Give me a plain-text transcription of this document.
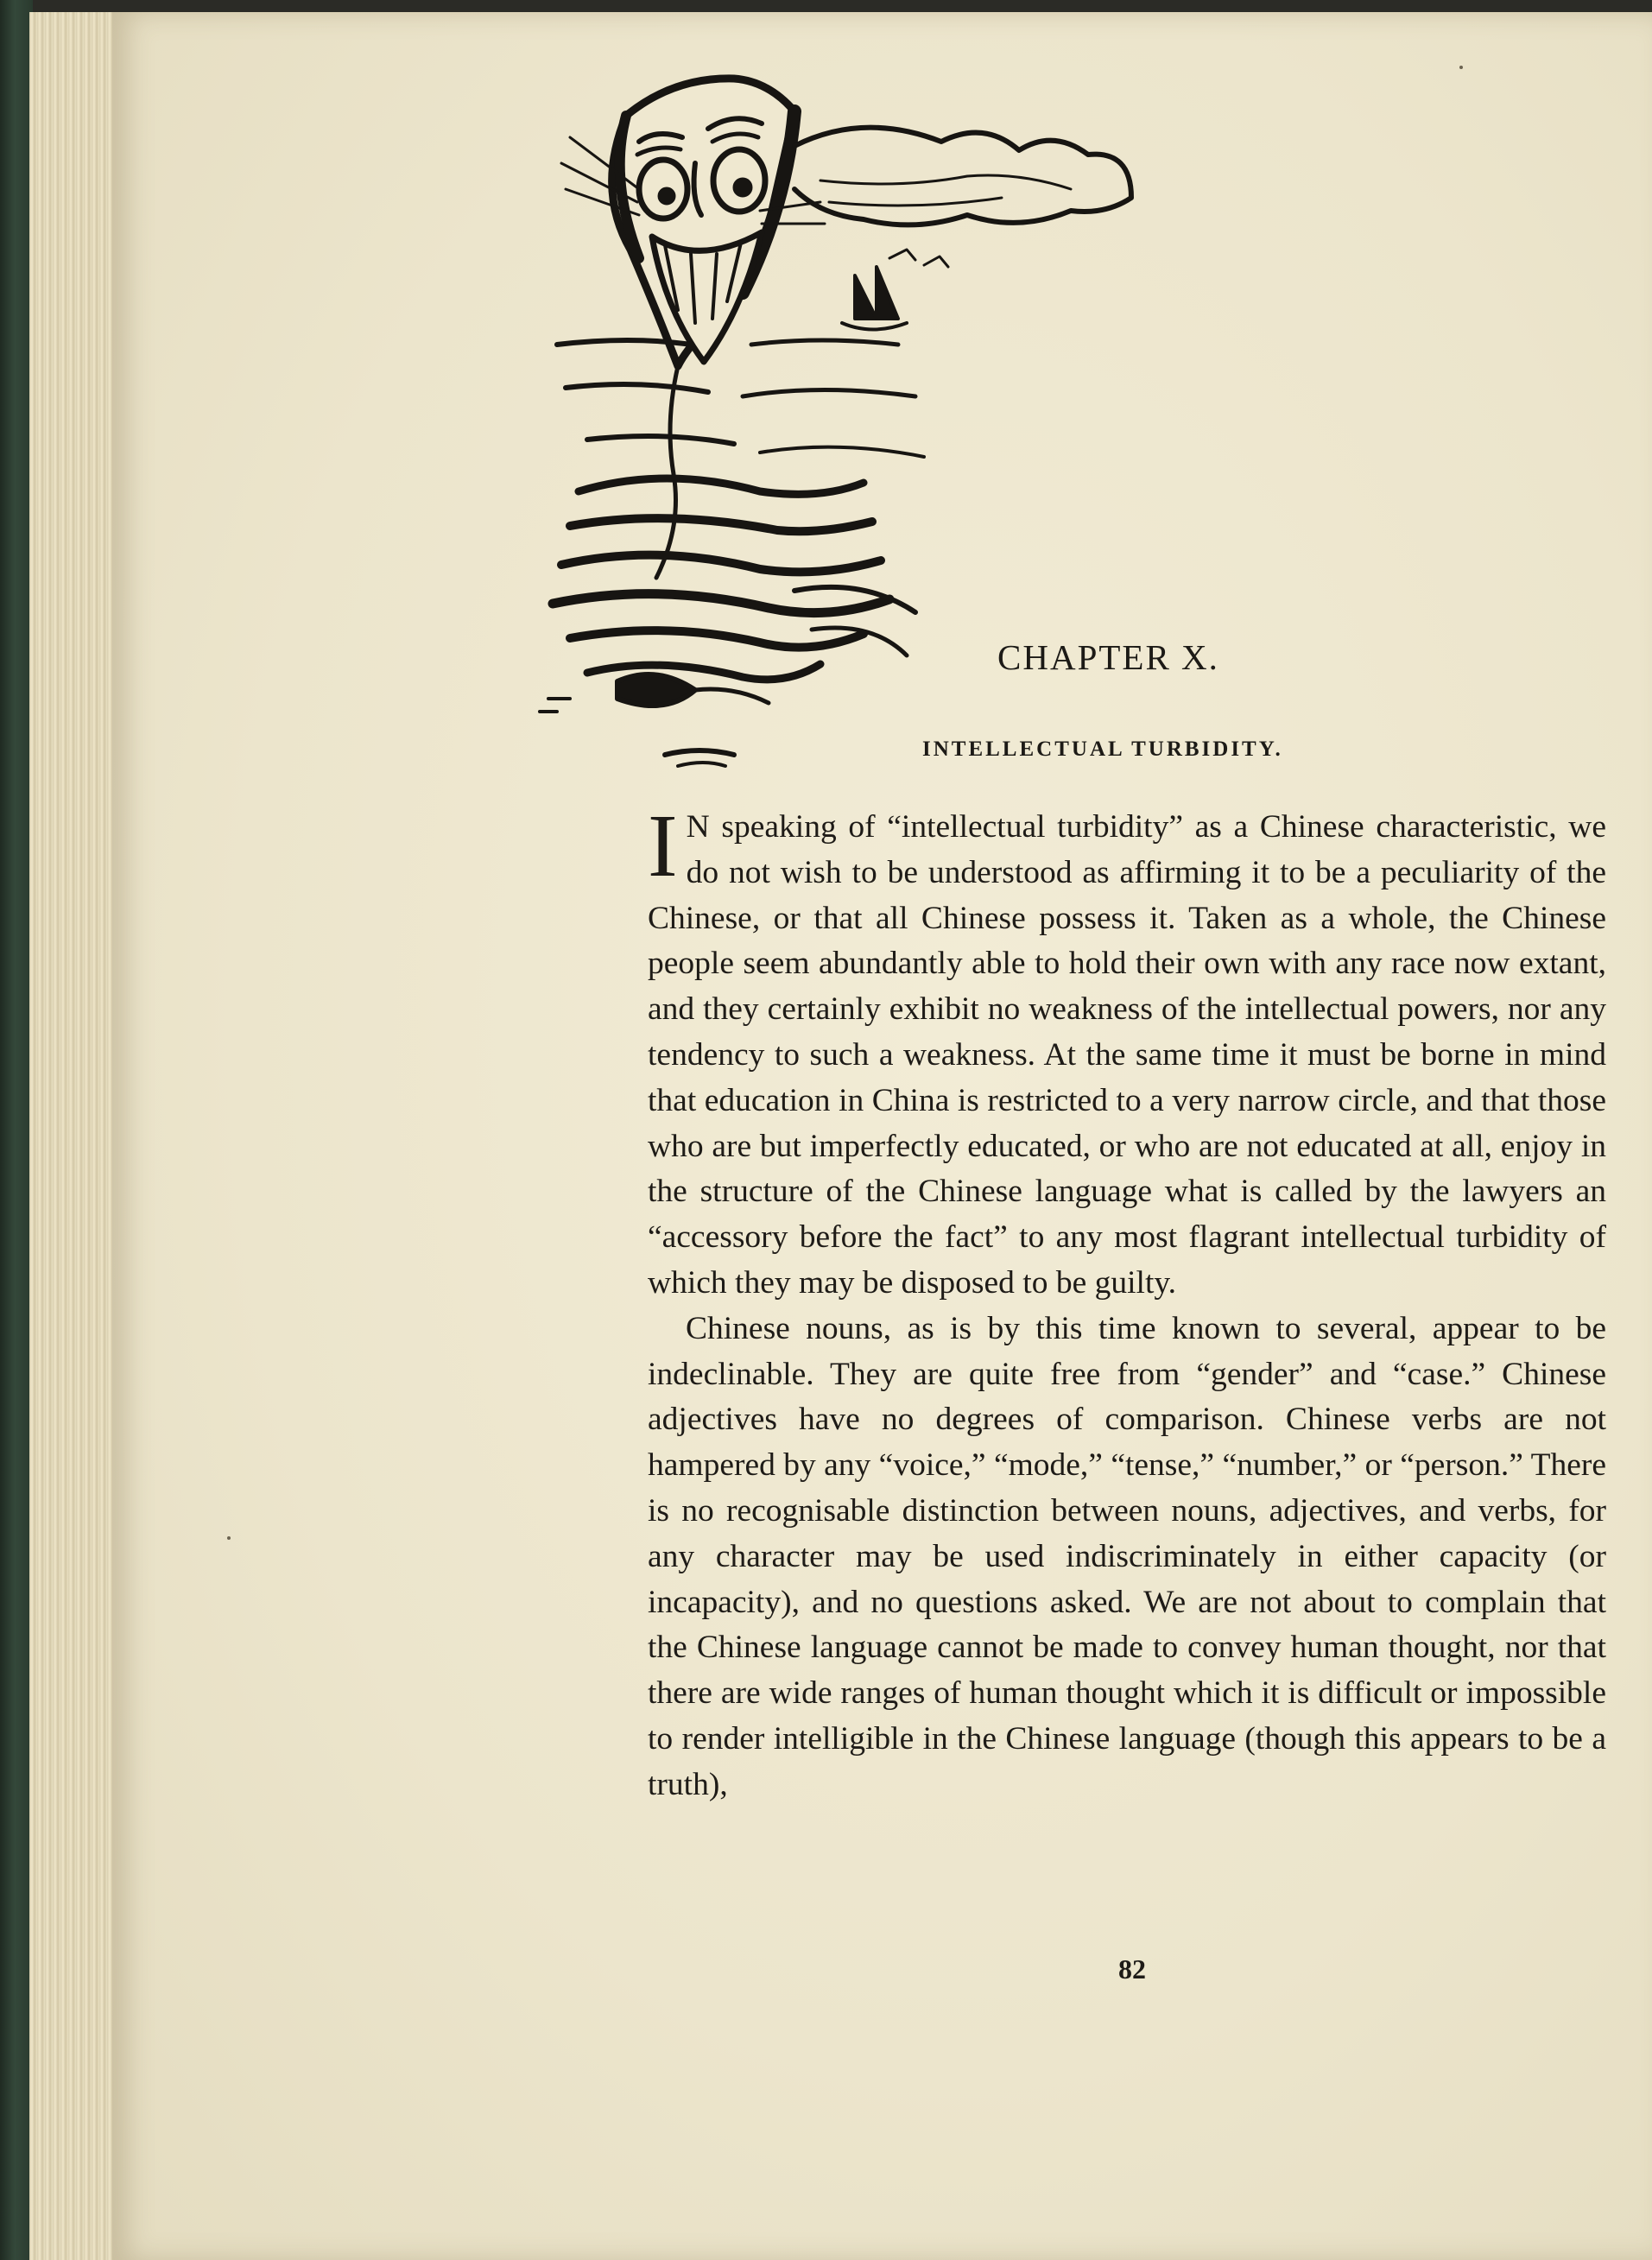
CHAPTER X.
INTELLECTUAL TURBIDITY.

I N speaking of “intellectual turbidity” as a Chinese characteristic, we do not wish to be understood as affirming it to be a peculiarity of the Chinese, or that all Chinese possess it. Taken as a whole, the Chinese people seem abundantly able to hold their own with any race now extant, and they certainly exhibit no weakness of the intellectual powers, nor any tendency to such a weakness. At the same time it must be borne in mind that education in China is restricted to a very narrow circle, and that those who are but imperfectly educated, or who are not educated at all, enjoy in the structure of the Chinese language what is called by the lawyers an “accessory before the fact” to any most flagrant intellectual turbidity of which they may be disposed to be guilty.

Chinese nouns, as is by this time known to several, appear to be indeclinable. They are quite free from “gender” and “case.” Chinese adjectives have no degrees of comparison. Chinese verbs are not hampered by any “voice,” “mode,” “tense,” “number,” or “person.” There is no recognisable distinction between nouns, adjectives, and verbs, for any character may be used indiscriminately in either capacity (or incapacity), and no questions asked. We are not about to complain that the Chinese language cannot be made to convey human thought, nor that there are wide ranges of human thought which it is difficult or impossible to render intelligible in the Chinese language (though this appears to be a truth),

82
